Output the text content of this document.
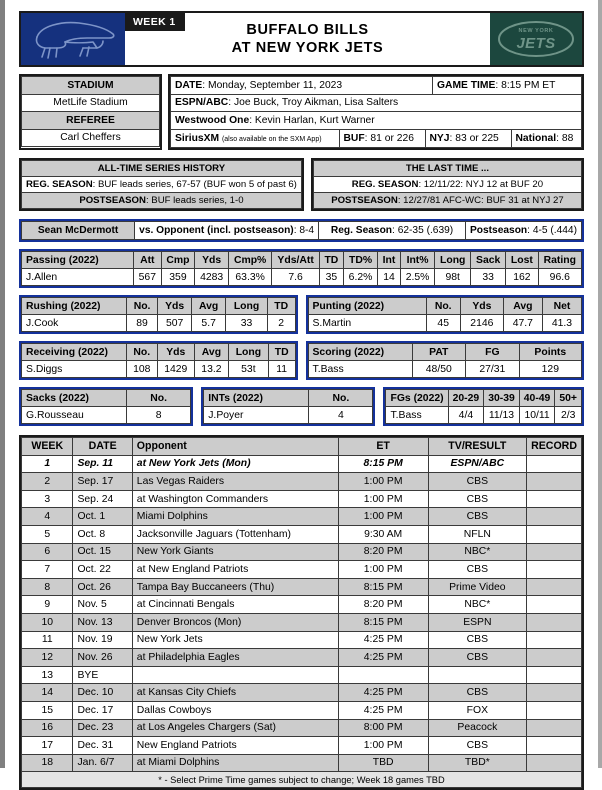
WEEK 1	BUFFALO BILLS
AT NEW YORK JETS
NEW YORK
JETS
STADIUM
MetLife Stadium
REFEREE
Carl Cheffers
DATE: Monday, September 11, 2023	GAME TIME: 8:15 PM ET
ESPN/ABC: Joe Buck, Troy Aikman, Lisa Salters
Westwood One: Kevin Harlan, Kurt Warner

SiriusXM (also available on the SXM App)	BUF: 81 or 226	NYJ: 83 or 225	National: 88
ALL-TIME SERIES HISTORY
REG. SEASON: BUF leads series, 67-57 (BUF won 5 of past 6)
POSTSEASON: BUF leads series, 1-0
THE LAST TIME ...
REG. SEASON: 12/11/22: NYJ 12 at BUF 20
POSTSEASON: 12/27/81 AFC-WC: BUF 31 at NYJ 27
Sean McDermott	vs. Opponent (incl. postseason): 8-4	Reg. Season: 62-35 (.639)	Postseason: 4-5 (.444)
Passing (2022)	Att	Cmp	Yds	Cmp%	Yds/Att	TD	TD%	Int	Int%	Long	Sack	Lost	Rating
J.Allen	567	359	4283	63.3%	7.6	35	6.2%	14	2.5%	98t	33	162	96.6
Rushing (2022)	No.	Yds	Avg	Long	TD
J.Cook	89	507	5.7	33	2
Punting (2022)	No.	Yds	Avg	Net
S.Martin	45	2146	47.7	41.3
Receiving (2022)	No.	Yds	Avg	Long	TD
S.Diggs	108	1429	13.2	53t	11
Scoring (2022)	PAT	FG	Points
T.Bass	48/50	27/31	129
Sacks (2022)	No.
G.Rousseau	8
INTs (2022)	No.
J.Poyer	4
FGs (2022)	20-29	30-39	40-49	50+
T.Bass	4/4	11/13	10/11	2/3
WEEK	DATE	Opponent	ET	TV/RESULT	RECORD
1	Sep. 11	at New York Jets (Mon)	8:15 PM	ESPN/ABC	
2	Sep. 17	Las Vegas Raiders	1:00 PM	CBS	
3	Sep. 24	at Washington Commanders	1:00 PM	CBS	
4	Oct. 1	Miami Dolphins	1:00 PM	CBS	
5	Oct. 8	Jacksonville Jaguars (Tottenham)	9:30 AM	NFLN	
6	Oct. 15	New York Giants	8:20 PM	NBC*	
7	Oct. 22	at New England Patriots	1:00 PM	CBS	
8	Oct. 26	Tampa Bay Buccaneers (Thu)	8:15 PM	Prime Video	
9	Nov. 5	at Cincinnati Bengals	8:20 PM	NBC*	
10	Nov. 13	Denver Broncos (Mon)	8:15 PM	ESPN	
11	Nov. 19	New York Jets	4:25 PM	CBS	
12	Nov. 26	at Philadelphia Eagles	4:25 PM	CBS	
13	BYE				
14	Dec. 10	at Kansas City Chiefs	4:25 PM	CBS	
15	Dec. 17	Dallas Cowboys	4:25 PM	FOX	
16	Dec. 23	at Los Angeles Chargers (Sat)	8:00 PM	Peacock	
17	Dec. 31	New England Patriots	1:00 PM	CBS	
18	Jan. 6/7	at Miami Dolphins	TBD	TBD*	
* - Select Prime Time games subject to change; Week 18 games TBD					
